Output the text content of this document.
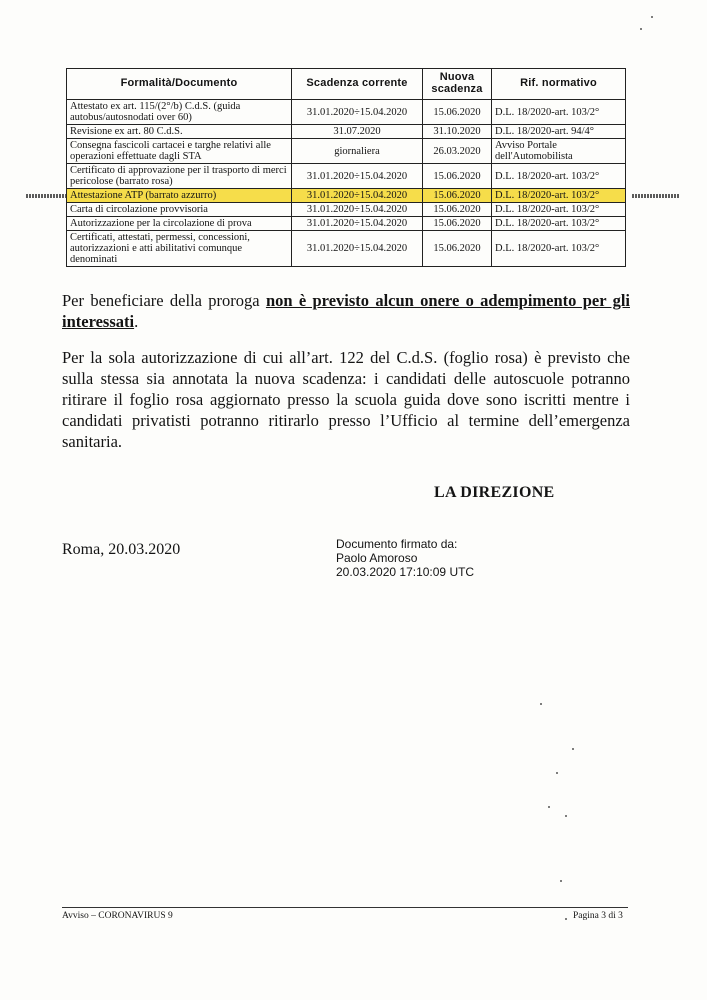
Formalità/Documento	Scadenza corrente	Nuova scadenza	Rif. normativo
Attestato ex art. 115/(2°/b) C.d.S. (guida autobus/autosnodati over 60)	31.01.2020÷15.04.2020	15.06.2020	D.L. 18/2020-art. 103/2°
Revisione ex art. 80 C.d.S.	31.07.2020	31.10.2020	D.L. 18/2020-art. 94/4°
Consegna fascicoli cartacei e targhe relativi alle operazioni effettuate dagli STA	giornaliera	26.03.2020	Avviso Portale dell'Automobilista
Certificato di approvazione per il trasporto di merci pericolose (barrato rosa)	31.01.2020÷15.04.2020	15.06.2020	D.L. 18/2020-art. 103/2°
Attestazione ATP (barrato azzurro)	31.01.2020÷15.04.2020	15.06.2020	D.L. 18/2020-art. 103/2°
Carta di circolazione provvisoria	31.01.2020÷15.04.2020	15.06.2020	D.L. 18/2020-art. 103/2°
Autorizzazione per la circolazione di prova	31.01.2020÷15.04.2020	15.06.2020	D.L. 18/2020-art. 103/2°
Certificati, attestati, permessi, concessioni, autorizzazioni e atti abilitativi comunque denominati	31.01.2020÷15.04.2020	15.06.2020	D.L. 18/2020-art. 103/2°

Per beneficiare della proroga non è previsto alcun onere o adempimento per gli interessati.

Per la sola autorizzazione di cui all’art. 122 del C.d.S. (foglio rosa) è previsto che sulla stessa sia annotata la nuova scadenza: i candidati delle autoscuole potranno ritirare il foglio rosa aggiornato presso la scuola guida dove sono iscritti mentre i candidati privatisti potranno ritirarlo presso l’Ufficio al termine dell’emergenza sanitaria.

LA DIREZIONE
Roma, 20.03.2020	Documento firmato da:
Paolo Amoroso
20.03.2020 17:10:09 UTC
Avviso – CORONAVIRUS 9	Pagina 3 di 3
